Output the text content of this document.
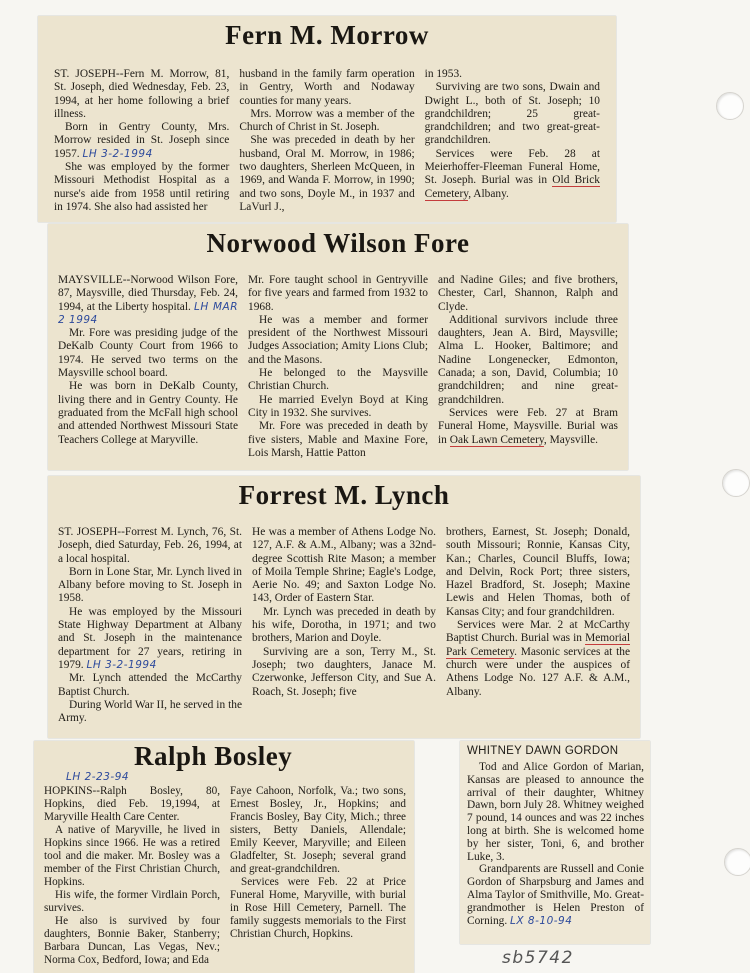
Fern M. Morrow

ST. JOSEPH--Fern M. Morrow, 81, St. Joseph, died Wednesday, Feb. 23, 1994, at her home following a brief illness.

Born in Gentry County, Mrs. Morrow resided in St. Joseph since 1957. LH 3-2-1994

She was employed by the former Missouri Methodist Hospital as a nurse's aide from 1958 until retiring in 1974. She also had assisted her

husband in the family farm operation in Gentry, Worth and Nodaway counties for many years.

Mrs. Morrow was a member of the Church of Christ in St. Joseph.

She was preceded in death by her husband, Oral M. Morrow, in 1986; two daughters, Sherleen McQueen, in 1969, and Wanda F. Morrow, in 1990; and two sons, Doyle M., in 1937 and LaVurl J.,

in 1953.

Surviving are two sons, Dwain and Dwight L., both of St. Joseph; 10 grandchildren; 25 great-grandchildren; and two great-great-grandchildren.

Services were Feb. 28 at Meierhoffer-Fleeman Funeral Home, St. Joseph. Burial was in Old Brick Cemetery, Albany.

Norwood Wilson Fore

MAYSVILLE--Norwood Wilson Fore, 87, Maysville, died Thursday, Feb. 24, 1994, at the Liberty hospital. LH MAR 2 1994

Mr. Fore was presiding judge of the DeKalb County Court from 1966 to 1974. He served two terms on the Maysville school board.

He was born in DeKalb County, living there and in Gentry County. He graduated from the McFall high school and attended Northwest Missouri State Teachers College at Maryville.

Mr. Fore taught school in Gentryville for five years and farmed from 1932 to 1968.

He was a member and former president of the Northwest Missouri Judges Association; Amity Lions Club; and the Masons.

He belonged to the Maysville Christian Church.

He married Evelyn Boyd at King City in 1932. She survives.

Mr. Fore was preceded in death by five sisters, Mable and Maxine Fore, Lois Marsh, Hattie Patton

and Nadine Giles; and five brothers, Chester, Carl, Shannon, Ralph and Clyde.

Additional survivors include three daughters, Jean A. Bird, Maysville; Alma L. Hooker, Baltimore; and Nadine Longenecker, Edmonton, Canada; a son, David, Columbia; 10 grandchildren; and nine great-grandchildren.

Services were Feb. 27 at Bram Funeral Home, Maysville. Burial was in Oak Lawn Cemetery, Maysville.

Forrest M. Lynch

ST. JOSEPH--Forrest M. Lynch, 76, St. Joseph, died Saturday, Feb. 26, 1994, at a local hospital.

Born in Lone Star, Mr. Lynch lived in Albany before moving to St. Joseph in 1958.

He was employed by the Missouri State Highway Department at Albany and St. Joseph in the maintenance department for 27 years, retiring in 1979. LH 3-2-1994

Mr. Lynch attended the McCarthy Baptist Church.

During World War II, he served in the Army.

He was a member of Athens Lodge No. 127, A.F. & A.M., Albany; was a 32nd-degree Scottish Rite Mason; a member of Moila Temple Shrine; Eagle's Lodge, Aerie No. 49; and Saxton Lodge No. 143, Order of Eastern Star.

Mr. Lynch was preceded in death by his wife, Dorotha, in 1971; and two brothers, Marion and Doyle.

Surviving are a son, Terry M., St. Joseph; two daughters, Janace M. Czerwonke, Jefferson City, and Sue A. Roach, St. Joseph; five

brothers, Earnest, St. Joseph; Donald, south Missouri; Ronnie, Kansas City, Kan.; Charles, Council Bluffs, Iowa; and Delvin, Rock Port; three sisters, Hazel Bradford, St. Joseph; Maxine Lewis and Helen Thomas, both of Kansas City; and four grandchildren.

Services were Mar. 2 at McCarthy Baptist Church. Burial was in Memorial Park Cemetery. Masonic services at the church were under the auspices of Athens Lodge No. 127 A.F. & A.M., Albany.

Ralph Bosley
LH 2-23-94

HOPKINS--Ralph Bosley, 80, Hopkins, died Feb. 19,1994, at Maryville Health Care Center.

A native of Maryville, he lived in Hopkins since 1966. He was a retired tool and die maker. Mr. Bosley was a member of the First Christian Church, Hopkins.

His wife, the former Virdlain Porch, survives.

He also is survived by four daughters, Bonnie Baker, Stanberry; Barbara Duncan, Las Vegas, Nev.; Norma Cox, Bedford, Iowa; and Eda

Faye Cahoon, Norfolk, Va.; two sons, Ernest Bosley, Jr., Hopkins; and Francis Bosley, Bay City, Mich.; three sisters, Betty Daniels, Allendale; Emily Keever, Maryville; and Eileen Gladfelter, St. Joseph; several grand and great-grandchildren.

Services were Feb. 22 at Price Funeral Home, Maryville, with burial in Rose Hill Cemetery, Parnell. The family suggests memorials to the First Christian Church, Hopkins.

WHITNEY DAWN GORDON

Tod and Alice Gordon of Marian, Kansas are pleased to announce the arrival of their daughter, Whitney Dawn, born July 28. Whitney weighed 7 pound, 14 ounces and was 22 inches long at birth. She is welcomed home by her sister, Toni, 6, and brother Luke, 3.

Grandparents are Russell and Conie Gordon of Sharpsburg and James and Alma Taylor of Smithville, Mo. Great-grandmother is Helen Preston of Corning. LX 8-10-94

sb5742
